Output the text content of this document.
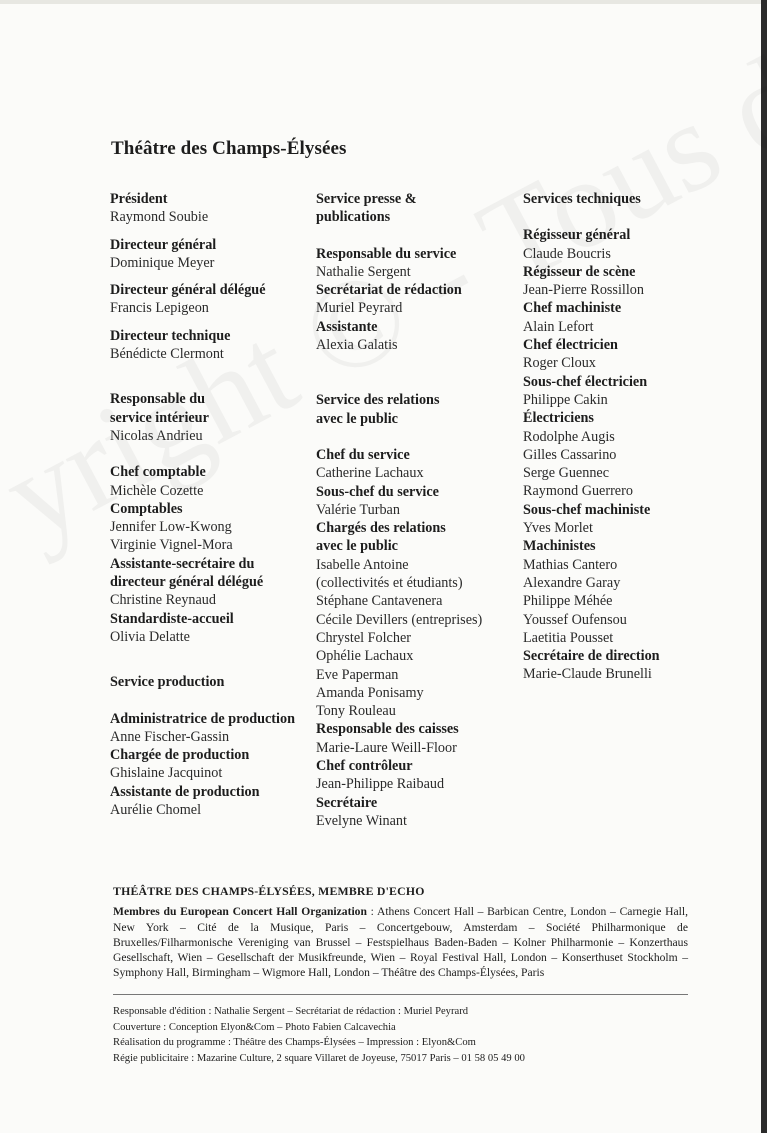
Théâtre des Champs-Élysées
Président
Raymond Soubie
Directeur général
Dominique Meyer
Directeur général délégué
Francis Lepigeon
Directeur technique
Bénédicte Clermont
Responsable du
service intérieur
Nicolas Andrieu
Chef comptable
Michèle Cozette
Comptables
Jennifer Low-Kwong
Virginie Vignel-Mora
Assistante-secrétaire du
directeur général délégué
Christine Reynaud
Standardiste-accueil
Olivia Delatte
Service production
Administratrice de production
Anne Fischer-Gassin
Chargée de production
Ghislaine Jacquinot
Assistante de production
Aurélie Chomel
Service presse &
publications
Responsable du service
Nathalie Sergent
Secrétariat de rédaction
Muriel Peyrard
Assistante
Alexia Galatis
Service des relations
avec le public
Chef du service
Catherine Lachaux
Sous-chef du service
Valérie Turban
Chargés des relations
avec le public
Isabelle Antoine
(collectivités et étudiants)
Stéphane Cantavenera
Cécile Devillers (entreprises)
Chrystel Folcher
Ophélie Lachaux
Eve Paperman
Amanda Ponisamy
Tony Rouleau
Responsable des caisses
Marie-Laure Weill-Floor
Chef contrôleur
Jean-Philippe Raibaud
Secrétaire
Evelyne Winant
Services techniques
Régisseur général
Claude Boucris
Régisseur de scène
Jean-Pierre Rossillon
Chef machiniste
Alain Lefort
Chef électricien
Roger Cloux
Sous-chef électricien
Philippe Cakin
Électriciens
Rodolphe Augis
Gilles Cassarino
Serge Guennec
Raymond Guerrero
Sous-chef machiniste
Yves Morlet
Machinistes
Mathias Cantero
Alexandre Garay
Philippe Méhée
Youssef Oufensou
Laetitia Pousset
Secrétaire de direction
Marie-Claude Brunelli
THÉÂTRE DES CHAMPS-ÉLYSÉES, MEMBRE D'ECHO
Membres du European Concert Hall Organization : Athens Concert Hall – Barbican Centre, London – Carnegie Hall, New York – Cité de la Musique, Paris – Concertgebouw, Amsterdam – Société Philharmonique de Bruxelles/Filharmonische Vereniging van Brussel – Festspielhaus Baden-Baden – Kolner Philharmonie – Konzerthaus Gesellschaft, Wien – Gesellschaft der Musikfreunde, Wien – Royal Festival Hall, London – Konserthuset Stockholm – Symphony Hall, Birmingham – Wigmore Hall, London – Théâtre des Champs-Élysées, Paris
Responsable d'édition : Nathalie Sergent – Secrétariat de rédaction : Muriel Peyrard
Couverture : Conception Elyon&Com – Photo Fabien Calcavechia
Réalisation du programme : Théâtre des Champs-Élysées – Impression : Elyon&Com
Régie publicitaire : Mazarine Culture, 2 square Villaret de Joyeuse, 75017 Paris – 01 58 05 49 00
